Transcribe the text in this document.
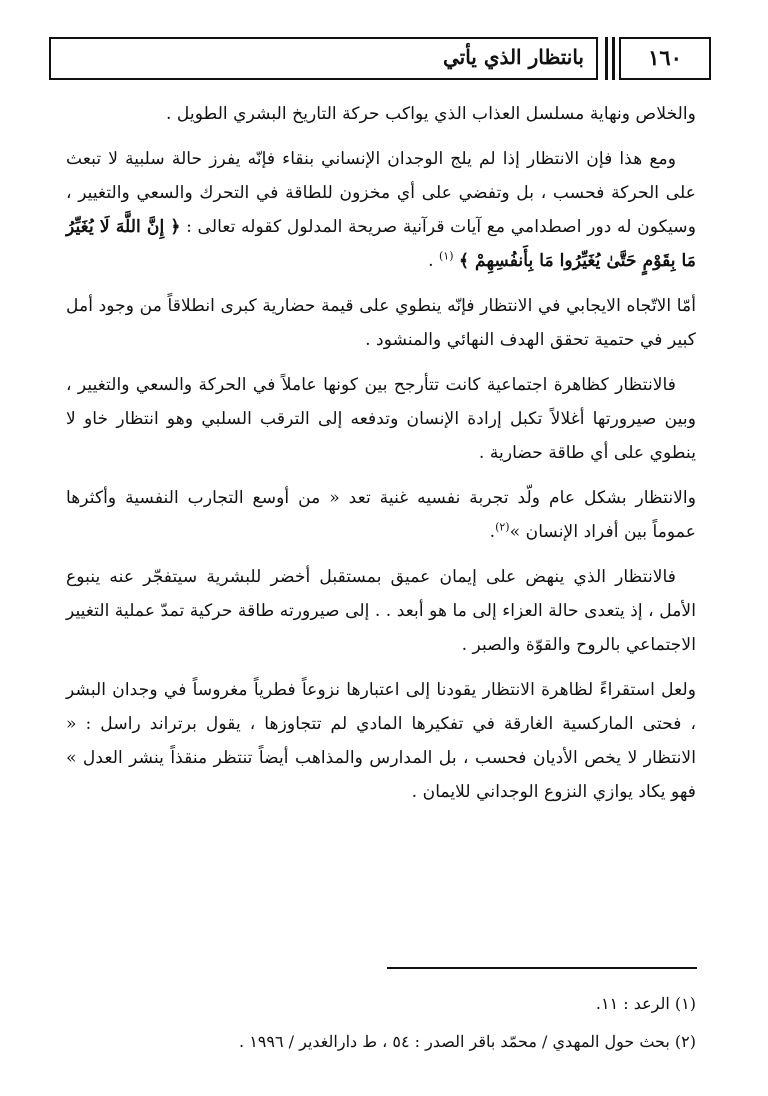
بانتظار الذي يأتي	١٦٠

والخلاص ونهاية مسلسل العذاب الذي يواكب حركة التاريخ البشري الطويل .

ومع هذا فإن الانتظار إذا لم يلج الوجدان الإنساني بنقاء فإنّه يفرز حالة سلبية لا تبعث على الحركة فحسب ، بل وتفضي على أي مخزون للطاقة في التحرك والسعي والتغيير ، وسيكون له دور اصطدامي مع آيات قرآنية صريحة المدلول كقوله تعالى : ﴿ إِنَّ اللَّهَ لَا يُغَيِّرُ مَا بِقَوْمٍ حَتَّىٰ يُغَيِّرُوا مَا بِأَنفُسِهِمْ ﴾ $^{(١)}$ .

أمّا الاتّجاه الايجابي في الانتظار فإنّه ينطوي على قيمة حضارية كبرى انطلاقاً من وجود أمل كبير في حتمية تحقق الهدف النهائي والمنشود .

فالانتظار كظاهرة اجتماعية كانت تتأرجح بين كونها عاملاً في الحركة والسعي والتغيير ، وبين صيرورتها أغلالاً تكبل إرادة الإنسان وتدفعه إلى الترقب السلبي وهو انتظار خاو لا ينطوي على أي طاقة حضارية .

والانتظار بشكل عام ولّد تجربة نفسيه غنية تعد « من أوسع التجارب النفسية وأكثرها عموماً بين أفراد الإنسان »$^{(٢)}$.

فالانتظار الذي ينهض على إيمان عميق بمستقبل أخضر للبشرية سيتفجّر عنه ينبوع الأمل ، إذ يتعدى حالة العزاء إلى ما هو أبعد . . إلى صيرورته طاقة حركية تمدّ عملية التغيير الاجتماعي بالروح والقوّة والصبر .

ولعل استقراءً لظاهرة الانتظار يقودنا إلى اعتبارها نزوعاً فطرياً مغروساً في وجدان البشر ، فحتى الماركسية الغارقة في تفكيرها المادي لم تتجاوزها ، يقول برتراند راسل : « الانتظار لا يخص الأديان فحسب ، بل المدارس والمذاهب أيضاً تنتظر منقذاً ينشر العدل » فهو يكاد يوازي النزوع الوجداني للايمان .

(١) الرعد : ١١.
(٢) بحث حول المهدي / محمّد باقر الصدر : ٥٤ ، ط دارالغدير / ١٩٩٦ .
